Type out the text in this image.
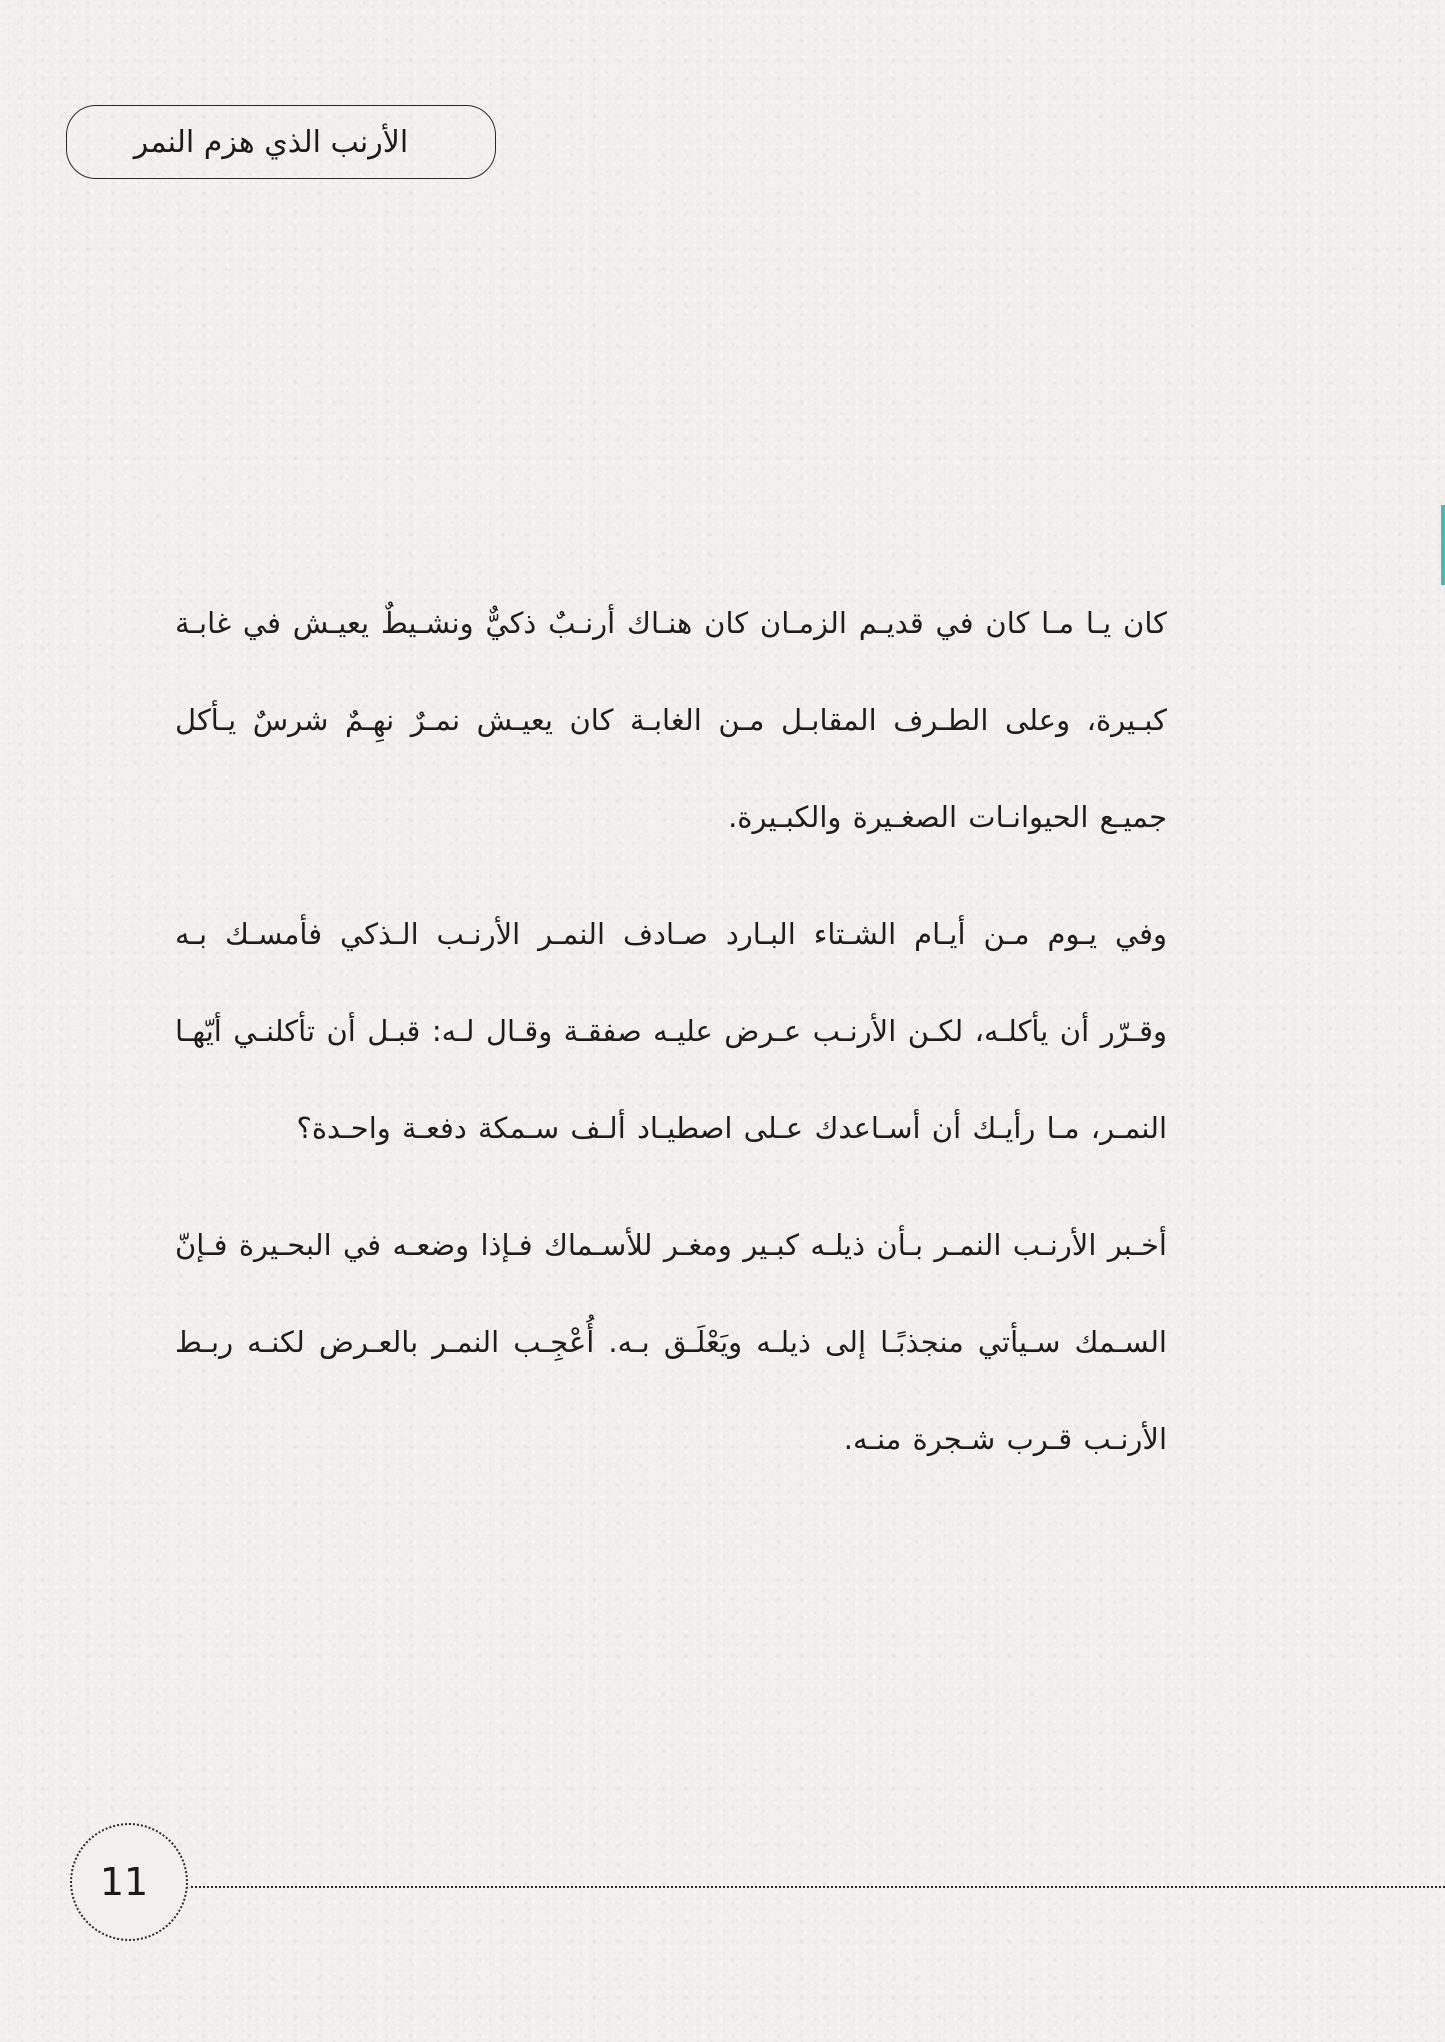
الأرنب الذي هزم النمر

كان يـا مـا كان في قديـم الزمـان كان هنـاك أرنـبٌ ذكيٌّ ونشـيطٌ يعيـش في غابـة كبـيرة، وعلى الطـرف المقابـل مـن الغابـة كان يعيـش نمـرٌ نهِـمٌ شرسٌ يـأكل جميـع الحيوانـات الصغـيرة والكبـيرة.

وفي يـوم مـن أيـام الشـتاء البـارد صـادف النمـر الأرنـب الـذكي فأمسـك بـه وقـرّر أن يأكلـه، لكـن الأرنـب عـرض عليـه صفقـة وقـال لـه: قبـل أن تأكلنـي أيّهـا النمـر، مـا رأيـك أن أسـاعدك عـلى اصطيـاد ألـف سـمكة دفعـة واحـدة؟

أخـبر الأرنـب النمـر بـأن ذيلـه كبـير ومغـر للأسـماك فـإذا وضعـه في البحـيرة فـإنّ السـمك سـيأتي منجذبًـا إلى ذيلـه ويَعْلَـق بـه. أُعْجِـب النمـر بالعـرض لكنـه ربـط الأرنـب قـرب شـجرة منـه.

11
